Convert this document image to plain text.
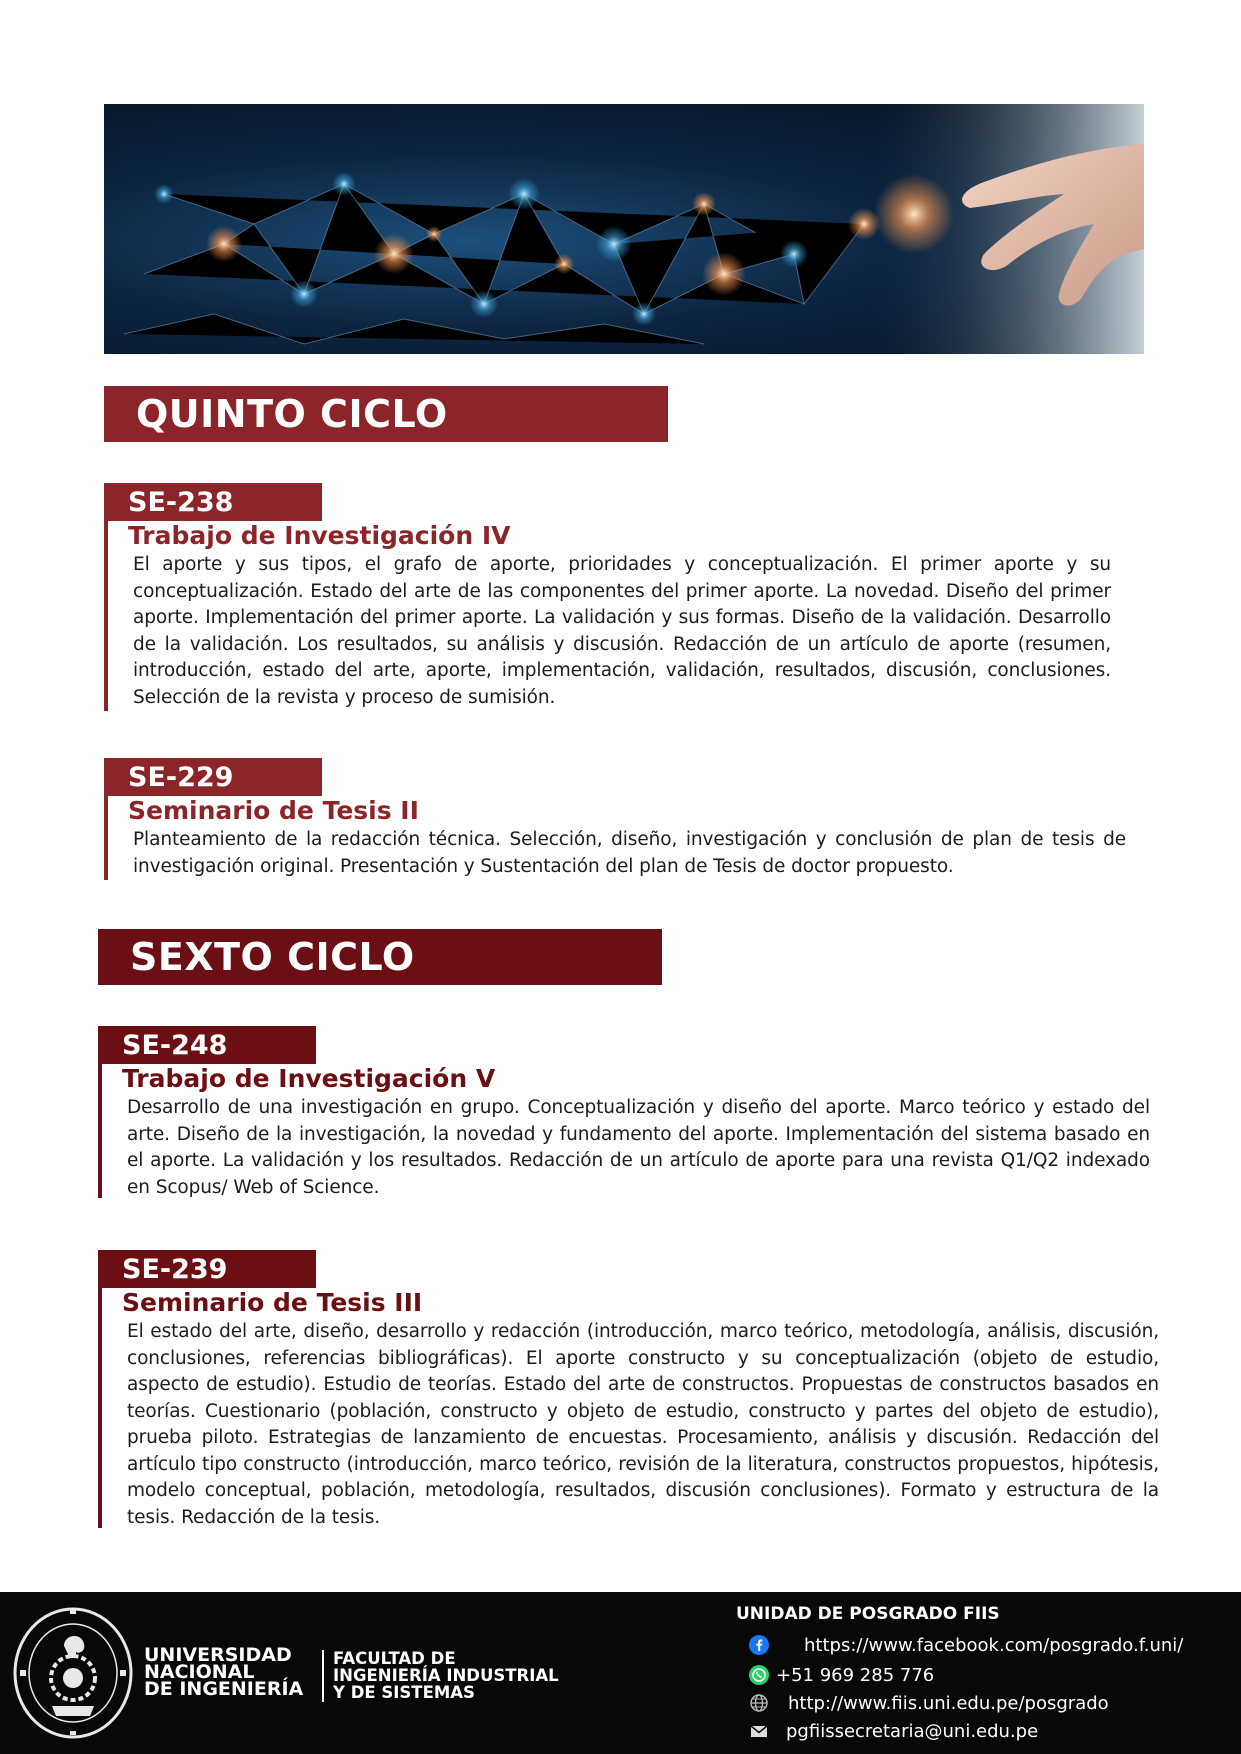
QUINTO CICLO
SE-238
Trabajo de Investigación IV
El aporte y sus tipos, el grafo de aporte, prioridades y conceptualización. El primer aporte y su conceptualización. Estado del arte de las componentes del primer aporte. La novedad. Diseño del primer aporte. Implementación del primer aporte. La validación y sus formas. Diseño de la validación. Desarrollo de la validación. Los resultados, su análisis y discusión. Redacción de un artículo de aporte (resumen, introducción, estado del arte, aporte, implementación, validación, resultados, discusión, conclusiones. Selección de la revista y proceso de sumisión.
SE-229
Seminario de Tesis II
Planteamiento de la redacción técnica. Selección, diseño, investigación y conclusión de plan de tesis de investigación original. Presentación y Sustentación del plan de Tesis de doctor propuesto.
SEXTO CICLO
SE-248
Trabajo de Investigación V
Desarrollo de una investigación en grupo. Conceptualización y diseño del aporte. Marco teórico y estado del arte. Diseño de la investigación, la novedad y fundamento del aporte. Implementación del sistema basado en el aporte. La validación y los resultados. Redacción de un artículo de aporte para una revista Q1/Q2 indexado en Scopus/ Web of Science.
SE-239
Seminario de Tesis III
El estado del arte, diseño, desarrollo y redacción (introducción, marco teórico, metodología, análisis, discusión, conclusiones, referencias bibliográficas). El aporte constructo y su conceptualización (objeto de estudio, aspecto de estudio). Estudio de teorías. Estado del arte de constructos. Propuestas de constructos basados en teorías. Cuestionario (población, constructo y objeto de estudio, constructo y partes del objeto de estudio), prueba piloto. Estrategias de lanzamiento de encuestas. Procesamiento, análisis y discusión. Redacción del artículo tipo constructo (introducción, marco teórico, revisión de la literatura, constructos propuestos, hipótesis, modelo conceptual, población, metodología, resultados, discusión conclusiones). Formato y estructura de la tesis. Redacción de la tesis.
UNIVERSIDAD
NACIONAL
DE INGENIERÍA
FACULTAD DE
INGENIERÍA INDUSTRIAL
Y DE SISTEMAS
UNIDAD DE POSGRADO FIIS
https://www.facebook.com/posgrado.f.uni/
+51 969 285 776
http://www.fiis.uni.edu.pe/posgrado
pgfiissecretaria@uni.edu.pe
